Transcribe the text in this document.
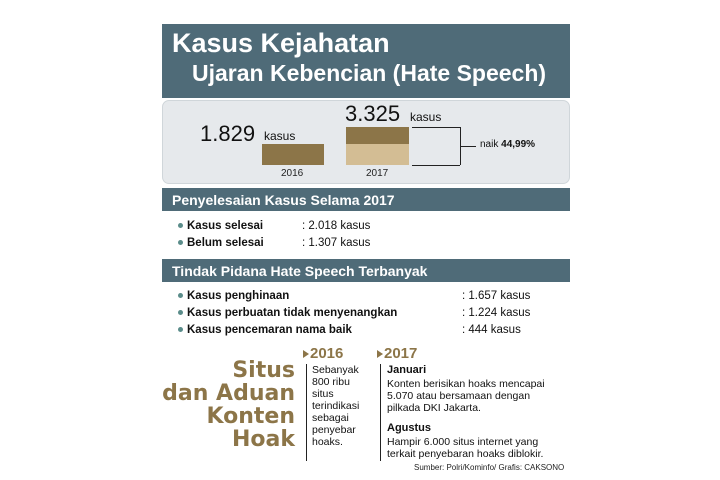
Kasus Kejahatan
Ujaran Kebencian (Hate Speech)
1.829 kasus
3.325 kasus
2016	2017
naik 44,99%
Penyelesaian Kasus Selama 2017
Kasus selesai	: 2.018 kasus
Belum selesai	: 1.307 kasus
Tindak Pidana Hate Speech Terbanyak
Kasus penghinaan	: 1.657 kasus
Kasus perbuatan tidak menyenangkan	: 1.224 kasus
Kasus pencemaran nama baik	: 444 kasus
Situs
dan Aduan
Konten
Hoak
2016
Sebanyak
800 ribu
situs
terindikasi
sebagai
penyebar
hoaks.
2017
Januari
Konten berisikan hoaks mencapai
5.070 atau bersamaan dengan
pilkada DKI Jakarta.
Agustus
Hampir 6.000 situs internet yang
terkait penyebaran hoaks diblokir.
Sumber: Polri/Kominfo/ Grafis: CAKSONO
